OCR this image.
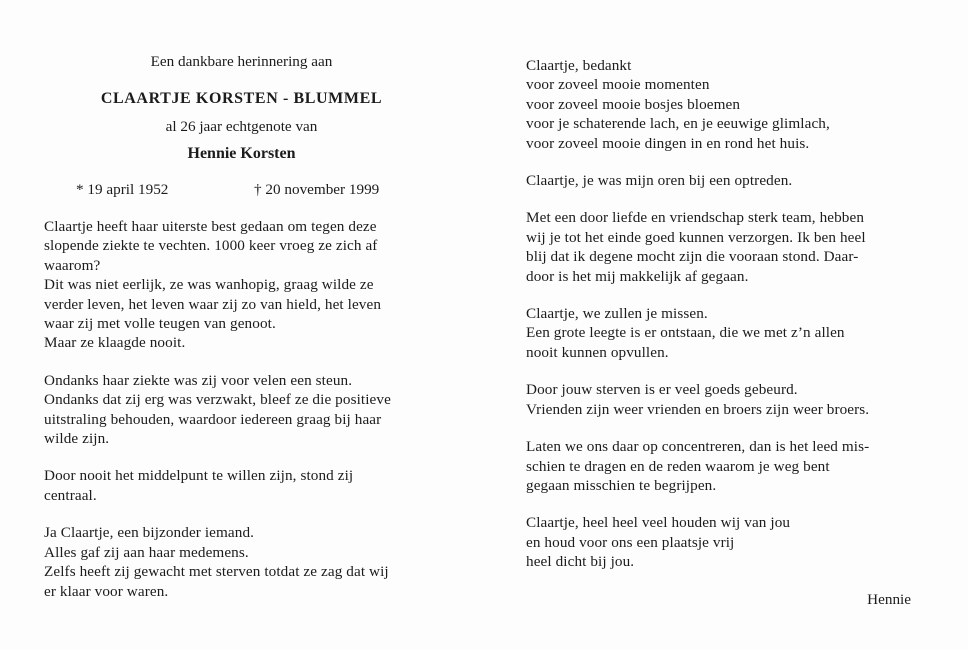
Een dankbare herinnering aan
CLAARTJE KORSTEN - BLUMMEL
al 26 jaar echtgenote van
Hennie Korsten
* 19 april 1952	† 20 november 1999
Claartje heeft haar uiterste best gedaan om tegen deze
slopende ziekte te vechten. 1000 keer vroeg ze zich af
waarom?
Dit was niet eerlijk, ze was wanhopig, graag wilde ze
verder leven, het leven waar zij zo van hield, het leven
waar zij met volle teugen van genoot.
Maar ze klaagde nooit.
Ondanks haar ziekte was zij voor velen een steun.
Ondanks dat zij erg was verzwakt, bleef ze die positieve
uitstraling behouden, waardoor iedereen graag bij haar
wilde zijn.
Door nooit het middelpunt te willen zijn, stond zij
centraal.
Ja Claartje, een bijzonder iemand.
Alles gaf zij aan haar medemens.
Zelfs heeft zij gewacht met sterven totdat ze zag dat wij
er klaar voor waren.
Claartje, bedankt
voor zoveel mooie momenten
voor zoveel mooie bosjes bloemen
voor je schaterende lach, en je eeuwige glimlach,
voor zoveel mooie dingen in en rond het huis.
Claartje, je was mijn oren bij een optreden.
Met een door liefde en vriendschap sterk team, hebben
wij je tot het einde goed kunnen verzorgen. Ik ben heel
blij dat ik degene mocht zijn die vooraan stond. Daar-
door is het mij makkelijk af gegaan.
Claartje, we zullen je missen.
Een grote leegte is er ontstaan, die we met z’n allen
nooit kunnen opvullen.
Door jouw sterven is er veel goeds gebeurd.
Vrienden zijn weer vrienden en broers zijn weer broers.
Laten we ons daar op concentreren, dan is het leed mis-
schien te dragen en de reden waarom je weg bent
gegaan misschien te begrijpen.
Claartje, heel heel veel houden wij van jou
en houd voor ons een plaatsje vrij
heel dicht bij jou.
Hennie
